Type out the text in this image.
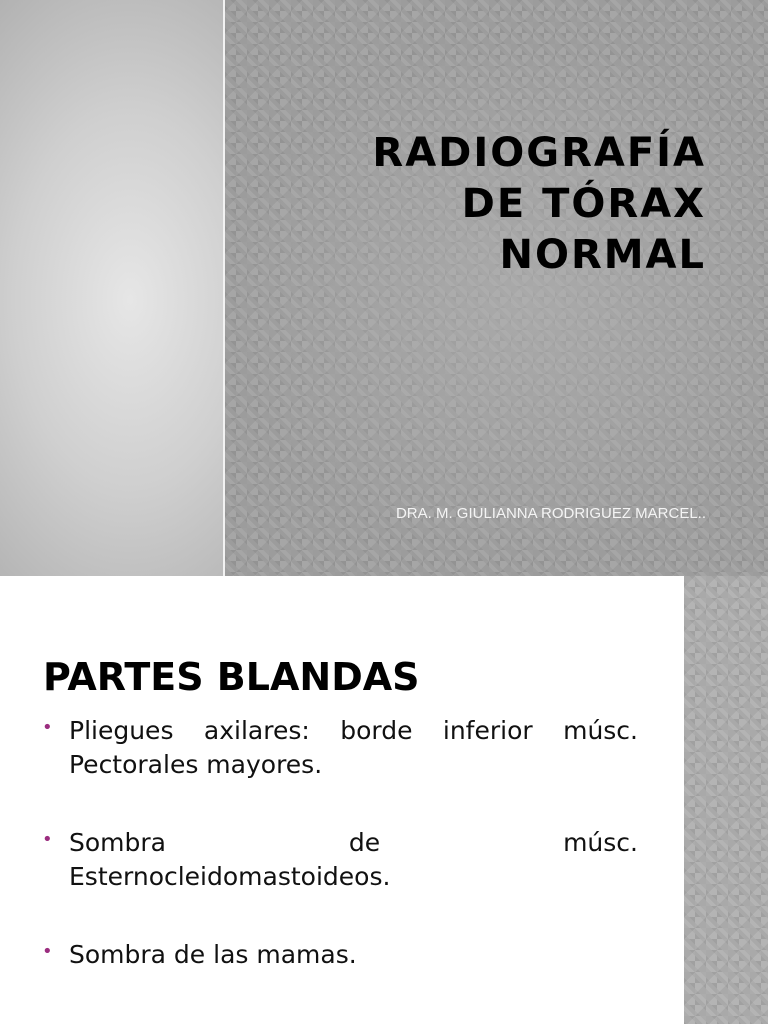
RADIOGRAFÍA
DE TÓRAX
NORMAL

DRA. M. GIULIANNA RODRIGUEZ MARCEL..

PARTES BLANDAS
• Pliegues axilares: borde inferior músc.
Pectorales mayores.
• Sombra de músc.
Esternocleidomastoideos.
• Sombra de las mamas.
